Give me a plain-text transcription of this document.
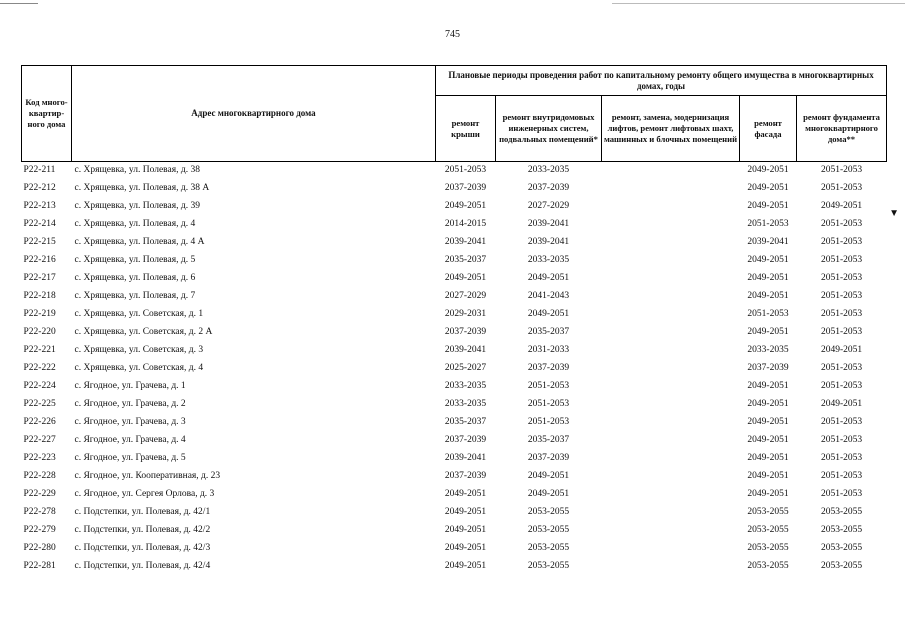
745
Код много-квартир-ного дома	Адрес многоквартирного дома	Плановые периоды проведения работ по капитальному ремонту общего имущества в многоквартирных домах, годы				
		ремонт крыши	ремонт внутридомовых инженерных систем, подвальных помещений*	ремонт, замена, модернизация лифтов, ремонт лифтовых шахт, машинных и блочных помещений	ремонт фасада	ремонт фундамента многоквартирного дома**
Р22-211	с. Хрящевка, ул. Полевая, д. 38	2051-2053	2033-2035		2049-2051	2051-2053
Р22-212	с. Хрящевка, ул. Полевая, д. 38 А	2037-2039	2037-2039		2049-2051	2051-2053
Р22-213	с. Хрящевка, ул. Полевая, д. 39	2049-2051	2027-2029		2049-2051	2049-2051
Р22-214	с. Хрящевка, ул. Полевая, д. 4	2014-2015	2039-2041		2051-2053	2051-2053
Р22-215	с. Хрящевка, ул. Полевая, д. 4 А	2039-2041	2039-2041		2039-2041	2051-2053
Р22-216	с. Хрящевка, ул. Полевая, д. 5	2035-2037	2033-2035		2049-2051	2051-2053
Р22-217	с. Хрящевка, ул. Полевая, д. 6	2049-2051	2049-2051		2049-2051	2051-2053
Р22-218	с. Хрящевка, ул. Полевая, д. 7	2027-2029	2041-2043		2049-2051	2051-2053
Р22-219	с. Хрящевка, ул. Советская, д. 1	2029-2031	2049-2051		2051-2053	2051-2053
Р22-220	с. Хрящевка, ул. Советская, д. 2 А	2037-2039	2035-2037		2049-2051	2051-2053
Р22-221	с. Хрящевка, ул. Советская, д. 3	2039-2041	2031-2033		2033-2035	2049-2051
Р22-222	с. Хрящевка, ул. Советская, д. 4	2025-2027	2037-2039		2037-2039	2051-2053
Р22-224	с. Ягодное, ул. Грачева, д. 1	2033-2035	2051-2053		2049-2051	2051-2053
Р22-225	с. Ягодное, ул. Грачева, д. 2	2033-2035	2051-2053		2049-2051	2049-2051
Р22-226	с. Ягодное, ул. Грачева, д. 3	2035-2037	2051-2053		2049-2051	2051-2053
Р22-227	с. Ягодное, ул. Грачева, д. 4	2037-2039	2035-2037		2049-2051	2051-2053
Р22-223	с. Ягодное, ул. Грачева, д. 5	2039-2041	2037-2039		2049-2051	2051-2053
Р22-228	с. Ягодное, ул. Кооперативная, д. 23	2037-2039	2049-2051		2049-2051	2051-2053
Р22-229	с. Ягодное, ул. Сергея Орлова, д. 3	2049-2051	2049-2051		2049-2051	2051-2053
Р22-278	с. Подстепки, ул. Полевая, д. 42/1	2049-2051	2053-2055		2053-2055	2053-2055
Р22-279	с. Подстепки, ул. Полевая, д. 42/2	2049-2051	2053-2055		2053-2055	2053-2055
Р22-280	с. Подстепки, ул. Полевая, д. 42/3	2049-2051	2053-2055		2053-2055	2053-2055
Р22-281	с. Подстепки, ул. Полевая, д. 42/4	2049-2051	2053-2055		2053-2055	2053-2055
▼
